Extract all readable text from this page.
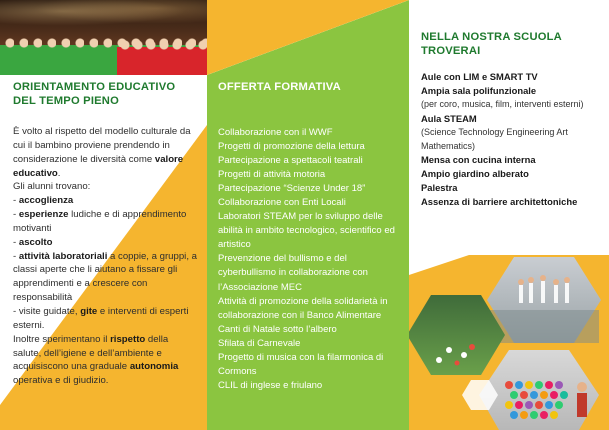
ORIENTAMENTO EDUCATIVO DEL TEMPO PIENO
È volto al rispetto del modello culturale da cui il bambino proviene prendendo in considerazione le diversità come valore educativo.
Gli alunni trovano:
- accoglienza
- esperienze ludiche e di apprendimento motivanti
- ascolto
- attività laboratoriali a coppie, a gruppi, a classi aperte che li aiutano a fissare gli apprendimenti e a crescere con responsabilità
- visite guidate, gite e interventi di esperti esterni.
Inoltre sperimentano il rispetto della salute, dell’igiene e dell’ambiente e acquisiscono una graduale autonomia operativa e di giudizio.
OFFERTA FORMATIVA
Collaborazione con il WWF
Progetti di promozione della lettura
Partecipazione a spettacoli teatrali
Progetti di attività motoria
Partecipazione “Scienze Under 18”
Collaborazione con Enti Locali
Laboratori STEAM per lo sviluppo delle abilità in ambito tecnologico, scientifico ed artistico
Prevenzione del bullismo e del cyberbullismo in collaborazione con l’Associazione MEC
Attività di promozione della solidarietà in collaborazione con il Banco Alimentare
Canti di Natale sotto l’albero
Sfilata di Carnevale
Progetto di musica con la filarmonica di Cormons
CLIL di inglese e friulano
NELLA NOSTRA SCUOLA TROVERAI
Aule con LIM e SMART TV
Ampia sala polifunzionale
(per coro, musica, film, interventi esterni)
Aula STEAM
(Science Technology Engineering Art Mathematics)
Mensa con cucina interna
Ampio giardino alberato
Palestra
Assenza di barriere architettoniche
